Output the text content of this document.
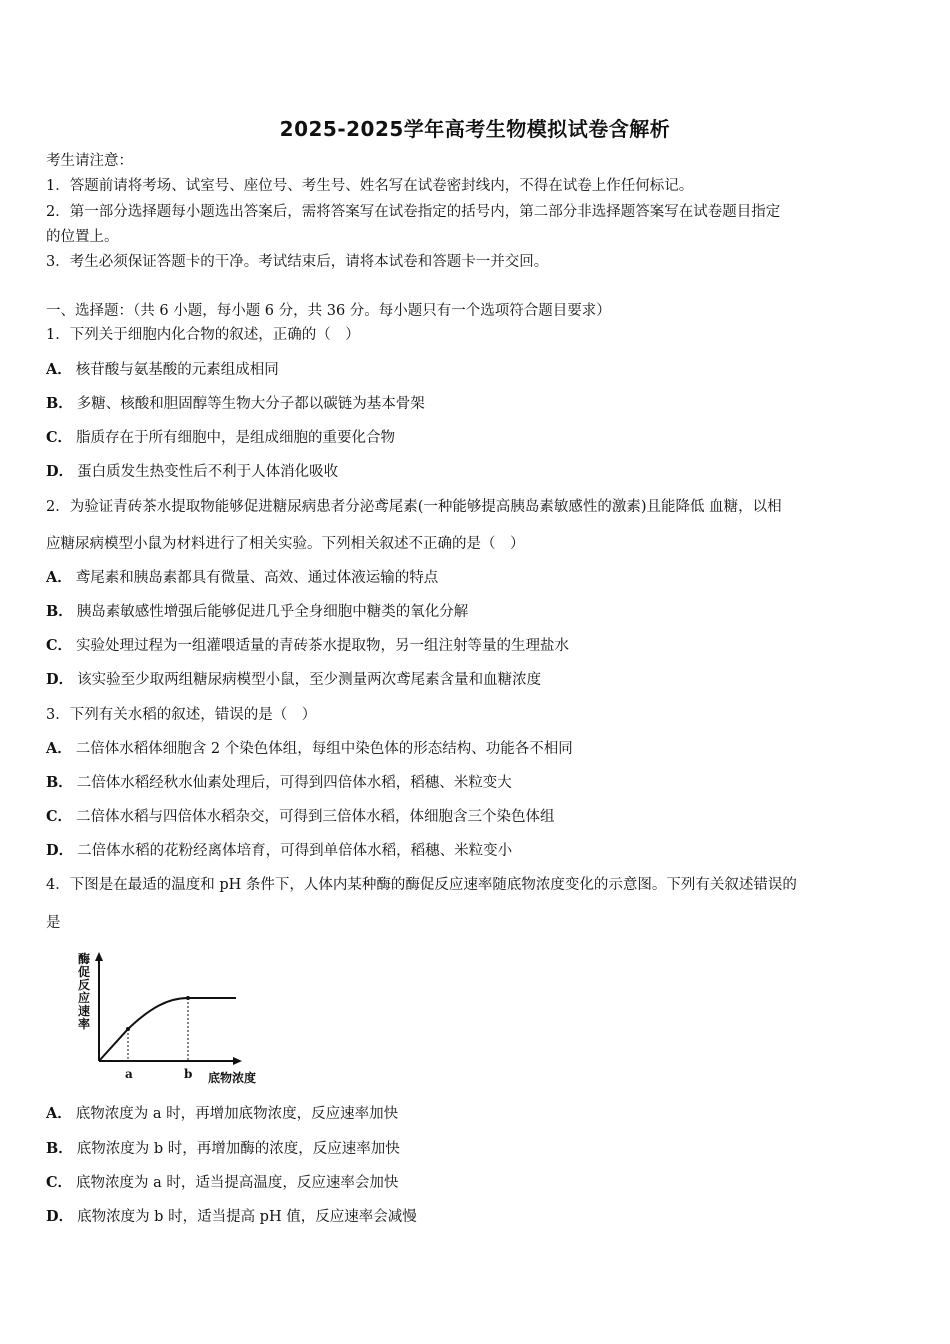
2025-2025学年高考生物模拟试卷含解析
考生请注意：
1．答题前请将考场、试室号、座位号、考生号、姓名写在试卷密封线内，不得在试卷上作任何标记。
2．第一部分选择题每小题选出答案后，需将答案写在试卷指定的括号内，第二部分非选择题答案写在试卷题目指定
的位置上。
3．考生必须保证答题卡的干净。考试结束后，请将本试卷和答题卡一并交回。
一、选择题：（共 6 小题，每小题 6 分，共 36 分。每小题只有一个选项符合题目要求）
1．下列关于细胞内化合物的叙述，正确的（　）
A． 核苷酸与氨基酸的元素组成相同
B． 多糖、核酸和胆固醇等生物大分子都以碳链为基本骨架
C． 脂质存在于所有细胞中，是组成细胞的重要化合物
D． 蛋白质发生热变性后不利于人体消化吸收
2．为验证青砖茶水提取物能够促进糖尿病患者分泌鸢尾素(一种能够提高胰岛素敏感性的激素)且能降低 血糖，以相
应糖尿病模型小鼠为材料进行了相关实验。下列相关叙述不正确的是（　）
A． 鸢尾素和胰岛素都具有微量、高效、通过体液运输的特点
B． 胰岛素敏感性增强后能够促进几乎全身细胞中糖类的氧化分解
C． 实验处理过程为一组灌喂适量的青砖茶水提取物，另一组注射等量的生理盐水
D． 该实验至少取两组糖尿病模型小鼠，至少测量两次鸢尾素含量和血糖浓度
3．下列有关水稻的叙述，错误的是（　）
A． 二倍体水稻体细胞含 2 个染色体组，每组中染色体的形态结构、功能各不相同
B． 二倍体水稻经秋水仙素处理后，可得到四倍体水稻，稻穗、米粒变大
C． 二倍体水稻与四倍体水稻杂交，可得到三倍体水稻，体细胞含三个染色体组
D． 二倍体水稻的花粉经离体培育，可得到单倍体水稻，稻穗、米粒变小
4．下图是在最适的温度和 pH 条件下，人体内某种酶的酶促反应速率随底物浓度变化的示意图。下列有关叙述错误的
是
酶
促
反
应
速
率
a	b 底物浓度
A． 底物浓度为 a 时，再增加底物浓度，反应速率加快
B． 底物浓度为 b 时，再增加酶的浓度，反应速率加快
C． 底物浓度为 a 时，适当提高温度，反应速率会加快
D． 底物浓度为 b 时，适当提高 pH 值，反应速率会减慢
